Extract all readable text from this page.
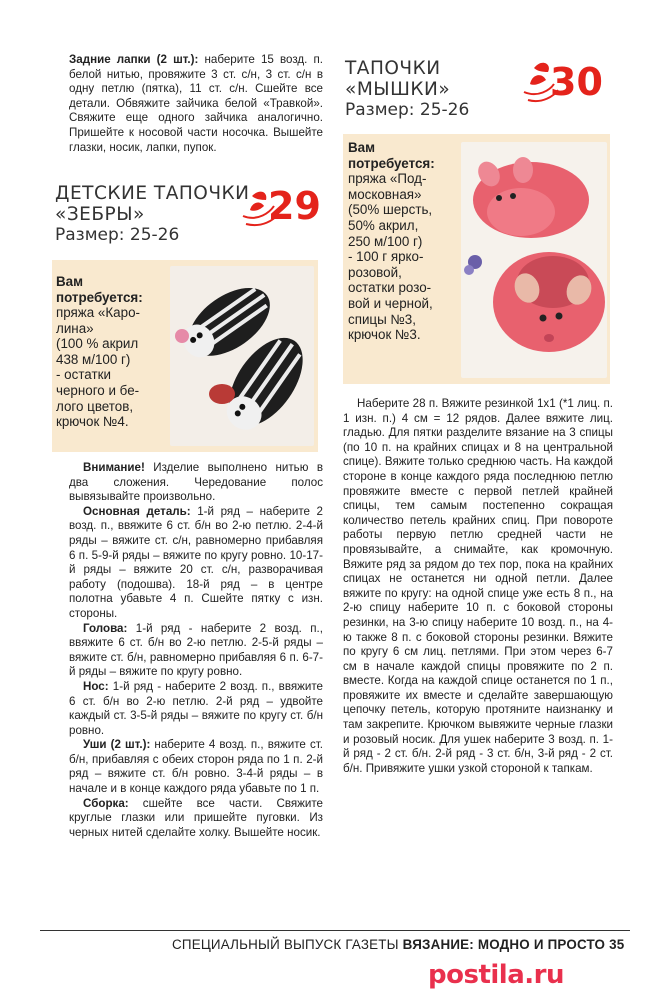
Задние лапки (2 шт.): наберите 15 возд. п. белой нитью, провяжите 3 ст. с/н, 3 ст. с/н в одну петлю (пятка), 11 ст. с/н. Сшейте все детали. Обвяжите зайчика белой «Травкой». Свяжите еще одного зайчика аналогично. Пришейте к носовой части носочка. Вышейте глазки, носик, лапки, пупок.

ДЕТСКИЕ ТАПОЧКИ
«ЗЕБРЫ»
Размер: 25-26
29
Вам
потребуется:
пряжа «Каро-
лина»
(100 % акрил
438 м/100 г)
- остатки
черного и бе-
лого цветов,
крючок №4.

Внимание! Изделие выполнено нитью в два сложения. Чередование полос вывязывайте произвольно.

Основная деталь: 1-й ряд – наберите 2 возд. п., ввяжите 6 ст. б/н во 2-ю петлю. 2-4-й ряды – вяжите ст. с/н, равномерно прибавляя 6 п. 5-9-й ряды – вяжите по кругу ровно. 10-17-й ряды – вяжите 20 ст. с/н, разворачивая работу (подошва). 18-й ряд – в центре полотна убавьте 4 п. Сшейте пятку с изн. стороны.

Голова: 1-й ряд - наберите 2 возд. п., ввяжите 6 ст. б/н во 2-ю петлю. 2-5-й ряды – вяжите ст. б/н, равномерно прибавляя 6 п. 6-7-й ряды – вяжите по кругу ровно.

Нос: 1-й ряд - наберите 2 возд. п., ввяжите 6 ст. б/н во 2-ю петлю. 2-й ряд – удвойте каждый ст. 3-5-й ряды – вяжите по кругу ст. б/н ровно.

Уши (2 шт.): наберите 4 возд. п., вяжите ст. б/н, прибавляя с обеих сторон ряда по 1 п. 2-й ряд – вяжите ст. б/н ровно. 3-4-й ряды – в начале и в конце каждого ряда убавьте по 1 п.

Сборка: сшейте все части. Свяжите круглые глазки или пришейте пуговки. Из черных нитей сделайте холку. Вышейте носик.

ТАПОЧКИ
«МЫШКИ»
Размер: 25-26
30
Вам
потребуется:
пряжа «Под-
московная»
(50% шерсть,
50% акрил,
250 м/100 г)
- 100 г ярко-
розовой,
остатки розо-
вой и черной,
спицы №3,
крючок №3.

Наберите 28 п. Вяжите резинкой 1х1 (*1 лиц. п. 1 изн. п.) 4 см = 12 рядов. Далее вяжите лиц. гладью. Для пятки разделите вязание на 3 спицы (по 10 п. на крайних спицах и 8 на центральной спице). Вяжите только среднюю часть. На каждой стороне в конце каждого ряда последнюю петлю провяжите вместе с первой петлей крайней спицы, тем самым постепенно сокращая количество петель крайних спиц. При повороте работы первую петлю средней части не провязывайте, а снимайте, как кромочную. Вяжите ряд за рядом до тех пор, пока на крайних спицах не останется ни одной петли. Далее вяжите по кругу: на одной спице уже есть 8 п., на 2-ю спицу наберите 10 п. с боковой стороны резинки, на 3-ю спицу наберите 10 возд. п., на 4-ю также 8 п. с боковой стороны резинки. Вяжите по кругу 6 см лиц. петлями. При этом через 6-7 см в начале каждой спицы провяжите по 2 п. вместе. Когда на каждой спице останется по 1 п., провяжите их вместе и сделайте завершающую цепочку петель, которую протяните наизнанку и там закрепите. Крючком вывяжите черные глазки и розовый носик. Для ушек наберите 3 возд. п. 1-й ряд - 2 ст. б/н. 2-й ряд - 3 ст. б/н, 3-й ряд - 2 ст. б/н. Привяжите ушки узкой стороной к тапкам.

СПЕЦИАЛЬНЫЙ ВЫПУСК ГАЗЕТЫ ВЯЗАНИЕ: МОДНО И ПРОСТО 35
postila.ru
